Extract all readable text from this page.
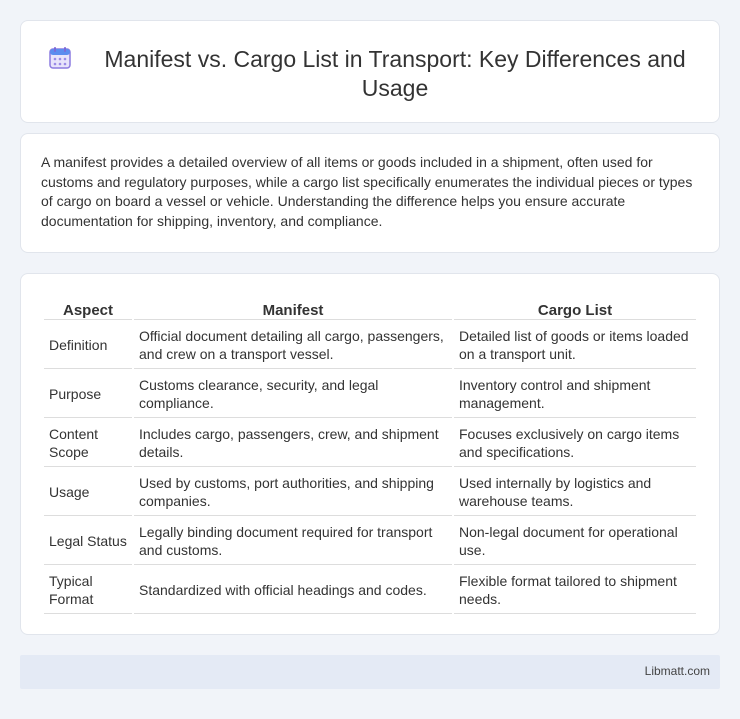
Manifest vs. Cargo List in Transport: Key Differences and Usage

A manifest provides a detailed overview of all items or goods included in a shipment, often used for customs and regulatory purposes, while a cargo list specifically enumerates the individual pieces or types of cargo on board a vessel or vehicle. Understanding the difference helps you ensure accurate documentation for shipping, inventory, and compliance.

Aspect	Manifest	Cargo List
Definition	Official document detailing all cargo, passengers, and crew on a transport vessel.	Detailed list of goods or items loaded on a transport unit.
Purpose	Customs clearance, security, and legal compliance.	Inventory control and shipment management.
Content Scope	Includes cargo, passengers, crew, and shipment details.	Focuses exclusively on cargo items and specifications.
Usage	Used by customs, port authorities, and shipping companies.	Used internally by logistics and warehouse teams.
Legal Status	Legally binding document required for transport and customs.	Non-legal document for operational use.
Typical Format	Standardized with official headings and codes.	Flexible format tailored to shipment needs.
Libmatt.com
